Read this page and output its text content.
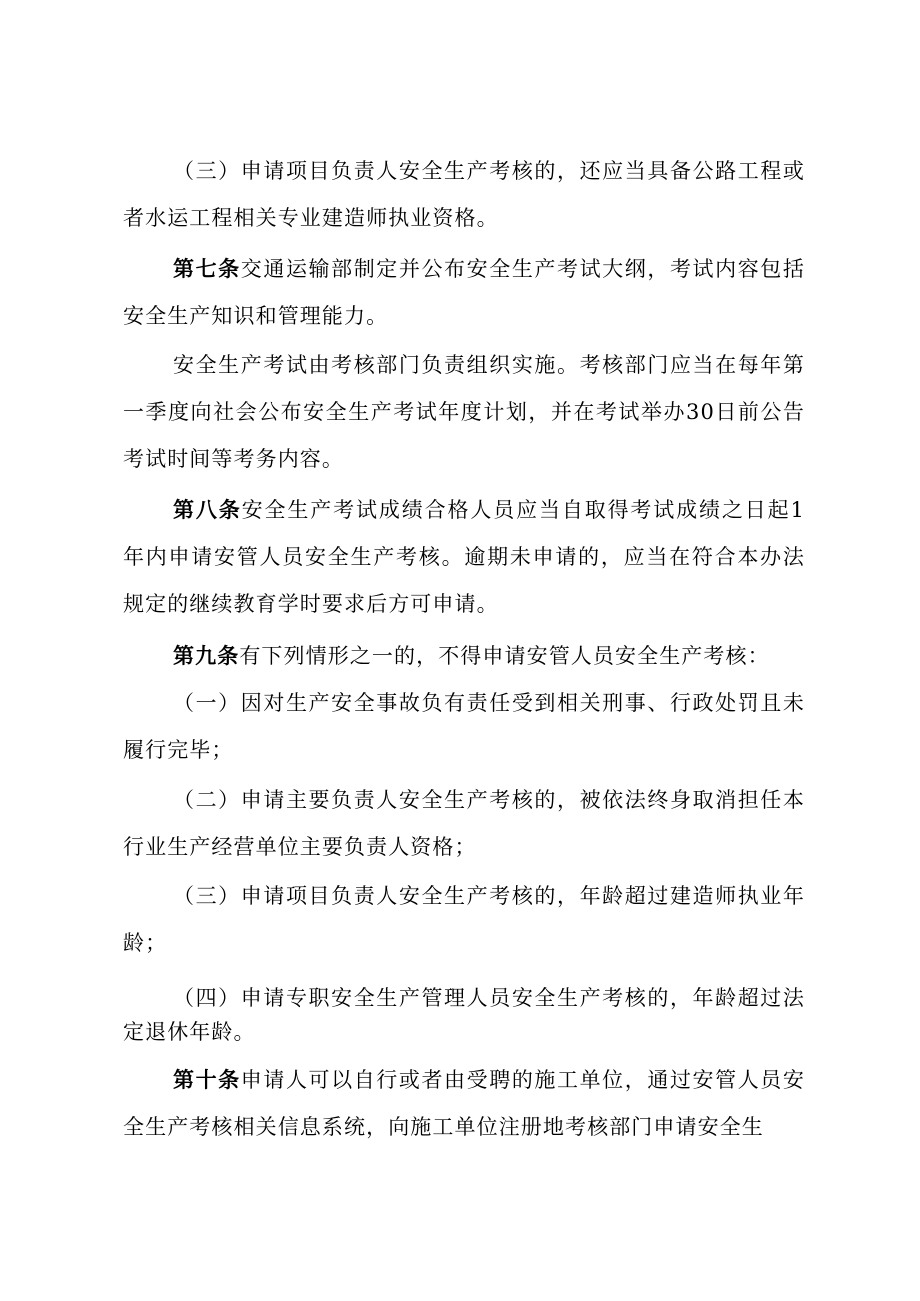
（三）申请项目负责人安全生产考核的，还应当具备公路工程或者水运工程相关专业建造师执业资格。

第七条交通运输部制定并公布安全生产考试大纲，考试内容包括安全生产知识和管理能力。

安全生产考试由考核部门负责组织实施。考核部门应当在每年第一季度向社会公布安全生产考试年度计划，并在考试举办30日前公告考试时间等考务内容。

第八条安全生产考试成绩合格人员应当自取得考试成绩之日起1年内申请安管人员安全生产考核。逾期未申请的，应当在符合本办法规定的继续教育学时要求后方可申请。

第九条有下列情形之一的，不得申请安管人员安全生产考核：

（一）因对生产安全事故负有责任受到相关刑事、行政处罚且未履行完毕；

（二）申请主要负责人安全生产考核的，被依法终身取消担任本行业生产经营单位主要负责人资格；

（三）申请项目负责人安全生产考核的，年龄超过建造师执业年龄；

（四）申请专职安全生产管理人员安全生产考核的，年龄超过法定退休年龄。

第十条申请人可以自行或者由受聘的施工单位，通过安管人员安全生产考核相关信息系统，向施工单位注册地考核部门申请安全生
